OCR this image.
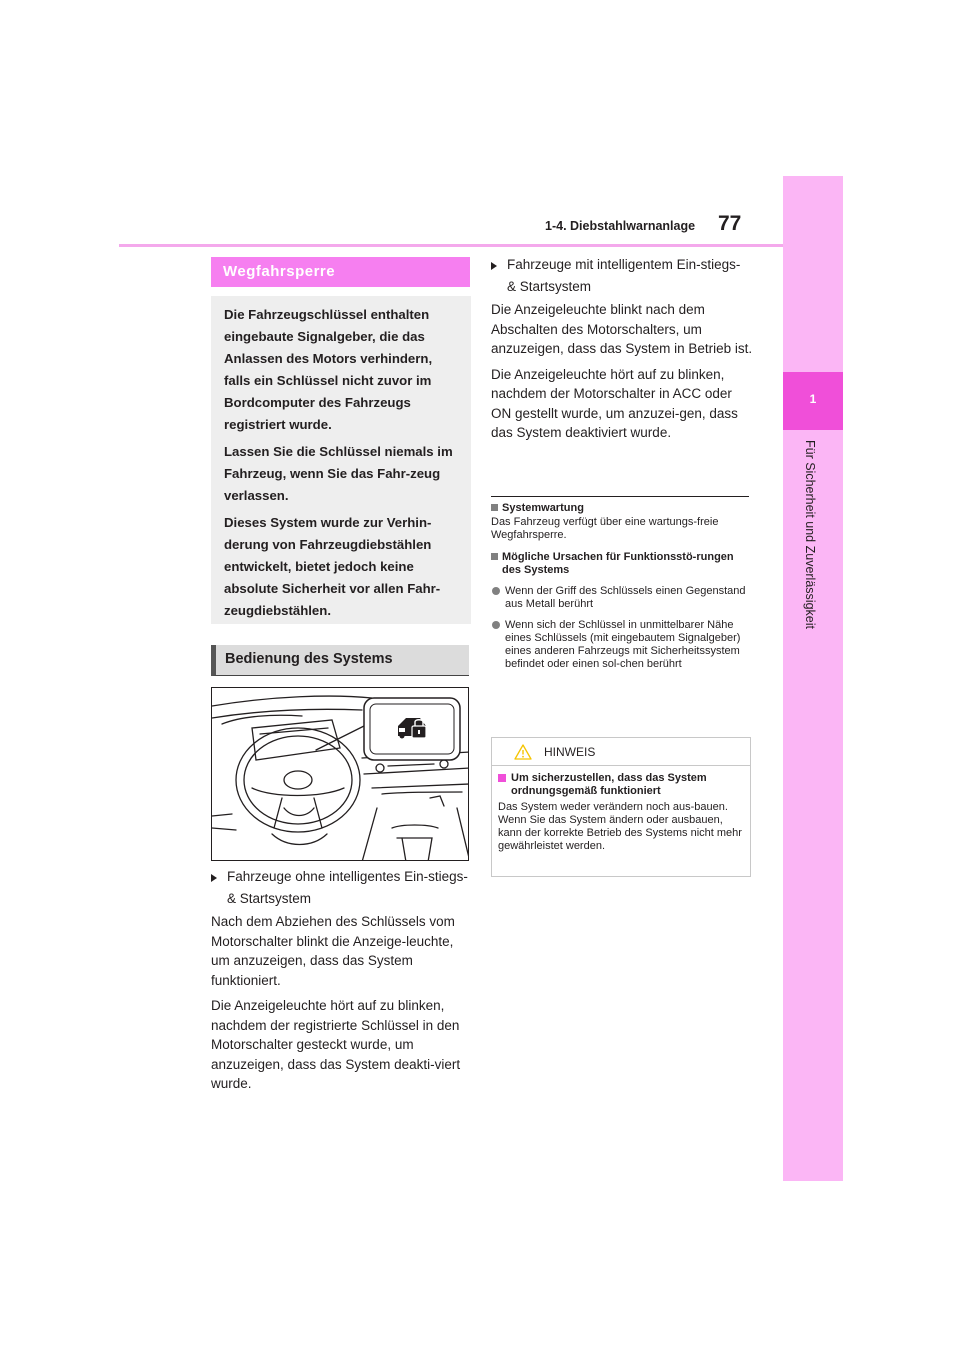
1-4. Diebstahlwarnanlage 77
1
Für Sicherheit und Zuverlässigkeit
Wegfahrsperre

Die Fahrzeugschlüssel enthalten eingebaute Signalgeber, die das Anlassen des Motors verhindern, falls ein Schlüssel nicht zuvor im Bordcomputer des Fahrzeugs registriert wurde.

Lassen Sie die Schlüssel niemals im Fahrzeug, wenn Sie das Fahr-zeug verlassen.

Dieses System wurde zur Verhin-derung von Fahrzeugdiebstählen entwickelt, bietet jedoch keine absolute Sicherheit vor allen Fahr-zeugdiebstählen.

Bedienung des Systems
Fahrzeuge ohne intelligentes Ein-stiegs- & Startsystem

Nach dem Abziehen des Schlüssels vom Motorschalter blinkt die Anzeige-leuchte, um anzuzeigen, dass das System funktioniert.

Die Anzeigeleuchte hört auf zu blinken, nachdem der registrierte Schlüssel in den Motorschalter gesteckt wurde, um anzuzeigen, dass das System deakti-viert wurde.

Fahrzeuge mit intelligentem Ein-stiegs- & Startsystem

Die Anzeigeleuchte blinkt nach dem Abschalten des Motorschalters, um anzuzeigen, dass das System in Betrieb ist.

Die Anzeigeleuchte hört auf zu blinken, nachdem der Motorschalter in ACC oder ON gestellt wurde, um anzuzei-gen, dass das System deaktiviert wurde.

Systemwartung
Das Fahrzeug verfügt über eine wartungs-freie Wegfahrsperre.
Mögliche Ursachen für Funktionsstö-rungen des Systems
Wenn der Griff des Schlüssels einen Gegenstand aus Metall berührt
Wenn sich der Schlüssel in unmittelbarer Nähe eines Schlüssels (mit eingebautem Signalgeber) eines anderen Fahrzeugs mit Sicherheitssystem befindet oder einen sol-chen berührt
HINWEIS
Um sicherzustellen, dass das System ordnungsgemäß funktioniert
Das System weder verändern noch aus-bauen. Wenn Sie das System ändern oder ausbauen, kann der korrekte Betrieb des Systems nicht mehr gewährleistet werden.
